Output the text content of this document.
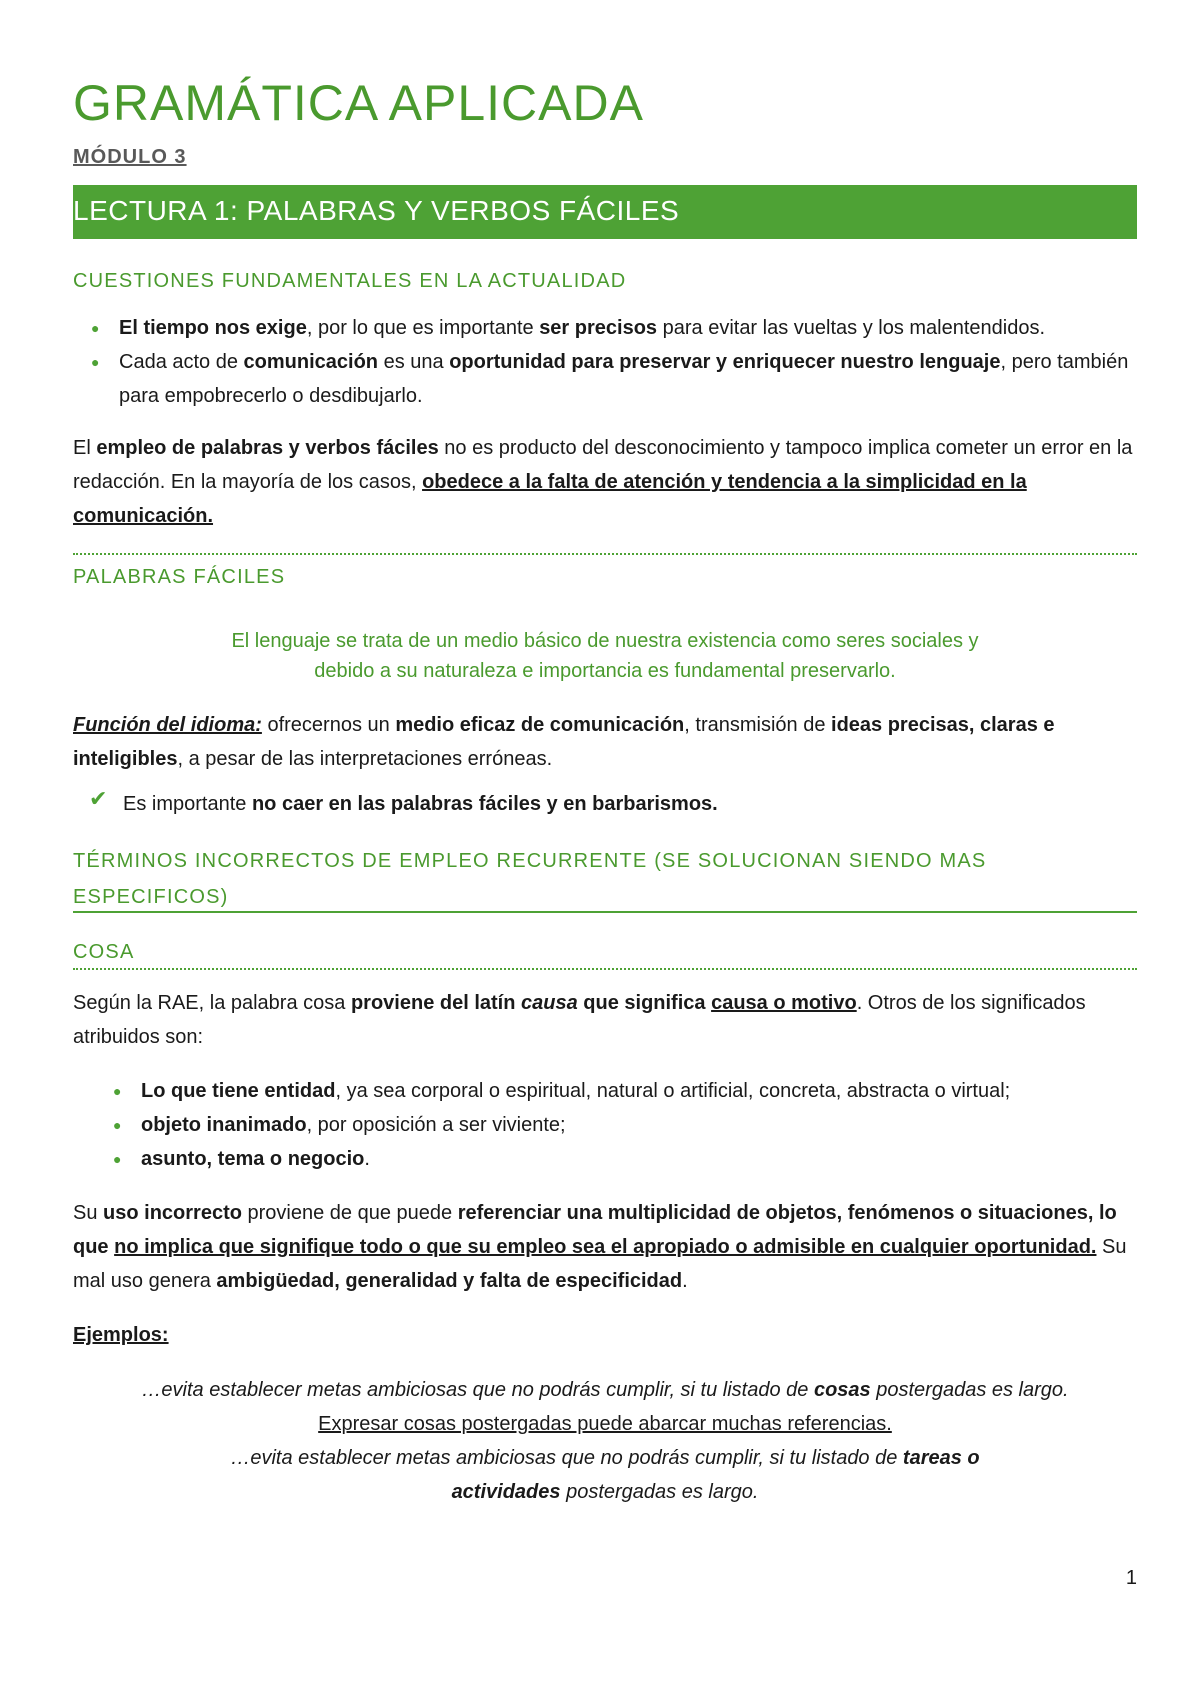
GRAMÁTICA APLICADA
MÓDULO 3
LECTURA 1: PALABRAS Y VERBOS FÁCILES
CUESTIONES FUNDAMENTALES EN LA ACTUALIDAD
● El tiempo nos exige, por lo que es importante ser precisos para evitar las vueltas y los malentendidos.
● Cada acto de comunicación es una oportunidad para preservar y enriquecer nuestro lenguaje, pero también para empobrecerlo o desdibujarlo.
El empleo de palabras y verbos fáciles no es producto del desconocimiento y tampoco implica cometer un error en la redacción. En la mayoría de los casos, obedece a la falta de atención y tendencia a la simplicidad en la comunicación.
PALABRAS FÁCILES
El lenguaje se trata de un medio básico de nuestra existencia como seres sociales y
debido a su naturaleza e importancia es fundamental preservarlo.
Función del idioma: ofrecernos un medio eficaz de comunicación, transmisión de ideas precisas, claras e inteligibles, a pesar de las interpretaciones erróneas.
✔ Es importante no caer en las palabras fáciles y en barbarismos.
TÉRMINOS INCORRECTOS DE EMPLEO RECURRENTE (SE SOLUCIONAN SIENDO MAS ESPECIFICOS)
COSA
Según la RAE, la palabra cosa proviene del latín causa que significa causa o motivo. Otros de los significados atribuidos son:
● Lo que tiene entidad, ya sea corporal o espiritual, natural o artificial, concreta, abstracta o virtual;
● objeto inanimado, por oposición a ser viviente;
● asunto, tema o negocio.
Su uso incorrecto proviene de que puede referenciar una multiplicidad de objetos, fenómenos o situaciones, lo que no implica que signifique todo o que su empleo sea el apropiado o admisible en cualquier oportunidad. Su mal uso genera ambigüedad, generalidad y falta de especificidad.
Ejemplos:
…evita establecer metas ambiciosas que no podrás cumplir, si tu listado de cosas postergadas es largo.
Expresar cosas postergadas puede abarcar muchas referencias.
…evita establecer metas ambiciosas que no podrás cumplir, si tu listado de tareas o actividades postergadas es largo.
1
